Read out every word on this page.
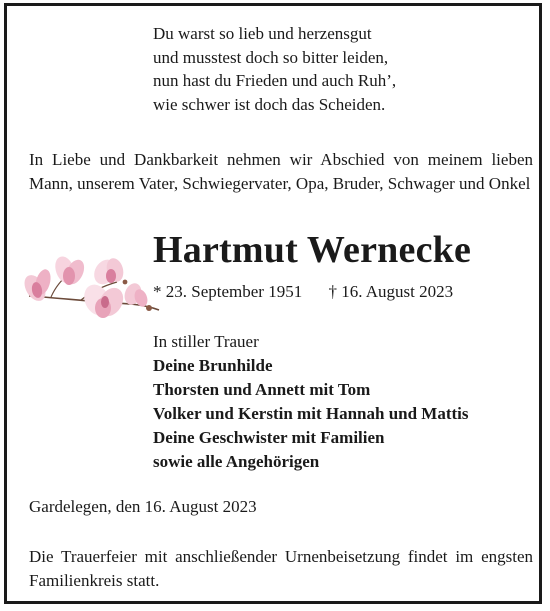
Du warst so lieb und herzensgut
und musstest doch so bitter leiden,
nun hast du Frieden und auch Ruh’,
wie schwer ist doch das Scheiden.
In Liebe und Dankbarkeit nehmen wir Abschied von meinem lieben Mann, unserem Vater, Schwiegervater, Opa, Bruder, Schwager und Onkel
Hartmut Wernecke
* 23. September 1951 † 16. August 2023
In stiller Trauer
Deine Brunhilde
Thorsten und Annett mit Tom
Volker und Kerstin mit Hannah und Mattis
Deine Geschwister mit Familien
sowie alle Angehörigen
Gardelegen, den 16. August 2023
Die Trauerfeier mit anschließender Urnenbeisetzung findet im engsten Familienkreis statt.
